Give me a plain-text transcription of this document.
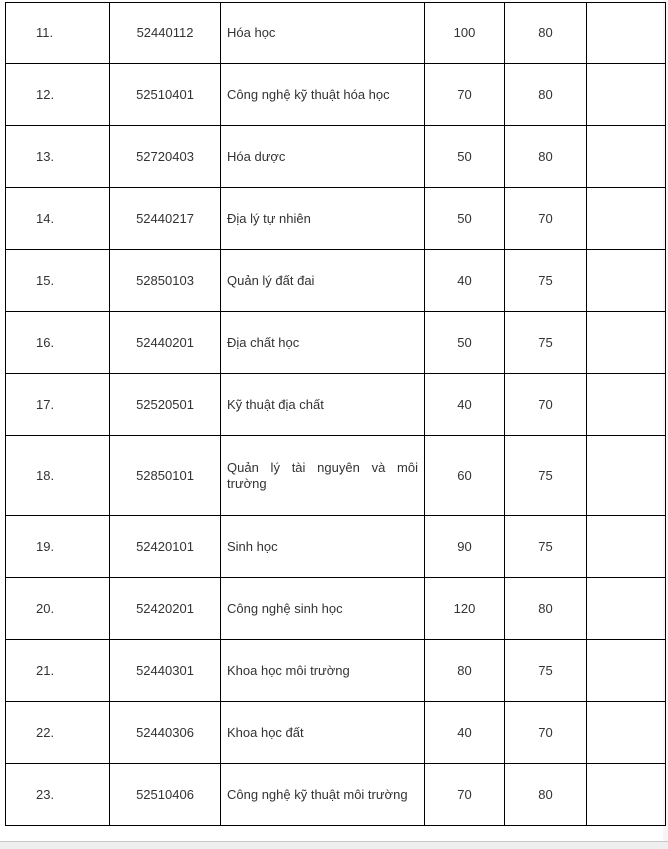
11.	52440112	Hóa học	100	80	
12.	52510401	Công nghệ kỹ thuật hóa học	70	80	
13.	52720403	Hóa dược	50	80	
14.	52440217	Địa lý tự nhiên	50	70	
15.	52850103	Quản lý đất đai	40	75	
16.	52440201	Địa chất học	50	75	
17.	52520501	Kỹ thuật địa chất	40	70	
18.	52850101	Quản lý tài nguyên và môi trường	60	75	
19.	52420101	Sinh học	90	75	
20.	52420201	Công nghệ sinh học	120	80	
21.	52440301	Khoa học môi trường	80	75	
22.	52440306	Khoa học đất	40	70	
23.	52510406	Công nghệ kỹ thuật môi trường	70	80	
